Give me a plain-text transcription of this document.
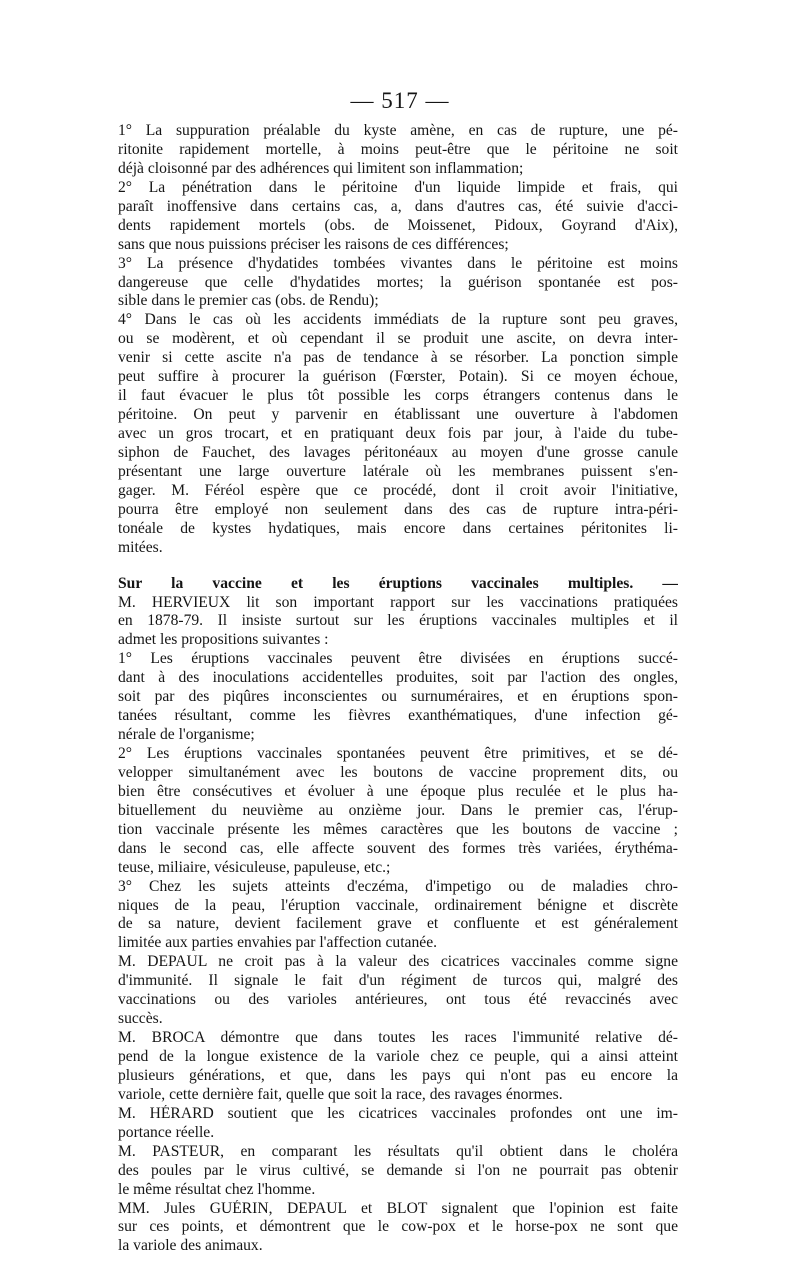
— 517 —
1° La suppuration préalable du kyste amène, en cas de rupture, une pé-
ritonite rapidement mortelle, à moins peut-être que le péritoine ne soit
déjà cloisonné par des adhérences qui limitent son inflammation;
2° La pénétration dans le péritoine d'un liquide limpide et frais, qui
paraît inoffensive dans certains cas, a, dans d'autres cas, été suivie d'acci-
dents rapidement mortels (obs. de Moissenet, Pidoux, Goyrand d'Aix),
sans que nous puissions préciser les raisons de ces différences;
3° La présence d'hydatides tombées vivantes dans le péritoine est moins
dangereuse que celle d'hydatides mortes; la guérison spontanée est pos-
sible dans le premier cas (obs. de Rendu);
4° Dans le cas où les accidents immédiats de la rupture sont peu graves,
ou se modèrent, et où cependant il se produit une ascite, on devra inter-
venir si cette ascite n'a pas de tendance à se résorber. La ponction simple
peut suffire à procurer la guérison (Fœrster, Potain). Si ce moyen échoue,
il faut évacuer le plus tôt possible les corps étrangers contenus dans le
péritoine. On peut y parvenir en établissant une ouverture à l'abdomen
avec un gros trocart, et en pratiquant deux fois par jour, à l'aide du tube-
siphon de Fauchet, des lavages péritonéaux au moyen d'une grosse canule
présentant une large ouverture latérale où les membranes puissent s'en-
gager. M. Féréol espère que ce procédé, dont il croit avoir l'initiative,
pourra être employé non seulement dans des cas de rupture intra-péri-
tonéale de kystes hydatiques, mais encore dans certaines péritonites li-
mitées.
Sur la vaccine et les éruptions vaccinales multiples. —
M. HERVIEUX lit son important rapport sur les vaccinations pratiquées
en 1878-79. Il insiste surtout sur les éruptions vaccinales multiples et il
admet les propositions suivantes :
1° Les éruptions vaccinales peuvent être divisées en éruptions succé-
dant à des inoculations accidentelles produites, soit par l'action des ongles,
soit par des piqûres inconscientes ou surnuméraires, et en éruptions spon-
tanées résultant, comme les fièvres exanthématiques, d'une infection gé-
nérale de l'organisme;
2° Les éruptions vaccinales spontanées peuvent être primitives, et se dé-
velopper simultanément avec les boutons de vaccine proprement dits, ou
bien être consécutives et évoluer à une époque plus reculée et le plus ha-
bituellement du neuvième au onzième jour. Dans le premier cas, l'érup-
tion vaccinale présente les mêmes caractères que les boutons de vaccine ;
dans le second cas, elle affecte souvent des formes très variées, érythéma-
teuse, miliaire, vésiculeuse, papuleuse, etc.;
3° Chez les sujets atteints d'eczéma, d'impetigo ou de maladies chro-
niques de la peau, l'éruption vaccinale, ordinairement bénigne et discrète
de sa nature, devient facilement grave et confluente et est généralement
limitée aux parties envahies par l'affection cutanée.
M. DEPAUL ne croit pas à la valeur des cicatrices vaccinales comme signe
d'immunité. Il signale le fait d'un régiment de turcos qui, malgré des
vaccinations ou des varioles antérieures, ont tous été revaccinés avec
succès.
M. BROCA démontre que dans toutes les races l'immunité relative dé-
pend de la longue existence de la variole chez ce peuple, qui a ainsi atteint
plusieurs générations, et que, dans les pays qui n'ont pas eu encore la
variole, cette dernière fait, quelle que soit la race, des ravages énormes.
M. HÉRARD soutient que les cicatrices vaccinales profondes ont une im-
portance réelle.
M. PASTEUR, en comparant les résultats qu'il obtient dans le choléra
des poules par le virus cultivé, se demande si l'on ne pourrait pas obtenir
le même résultat chez l'homme.
MM. Jules GUÉRIN, DEPAUL et BLOT signalent que l'opinion est faite
sur ces points, et démontrent que le cow-pox et le horse-pox ne sont que
la variole des animaux.
